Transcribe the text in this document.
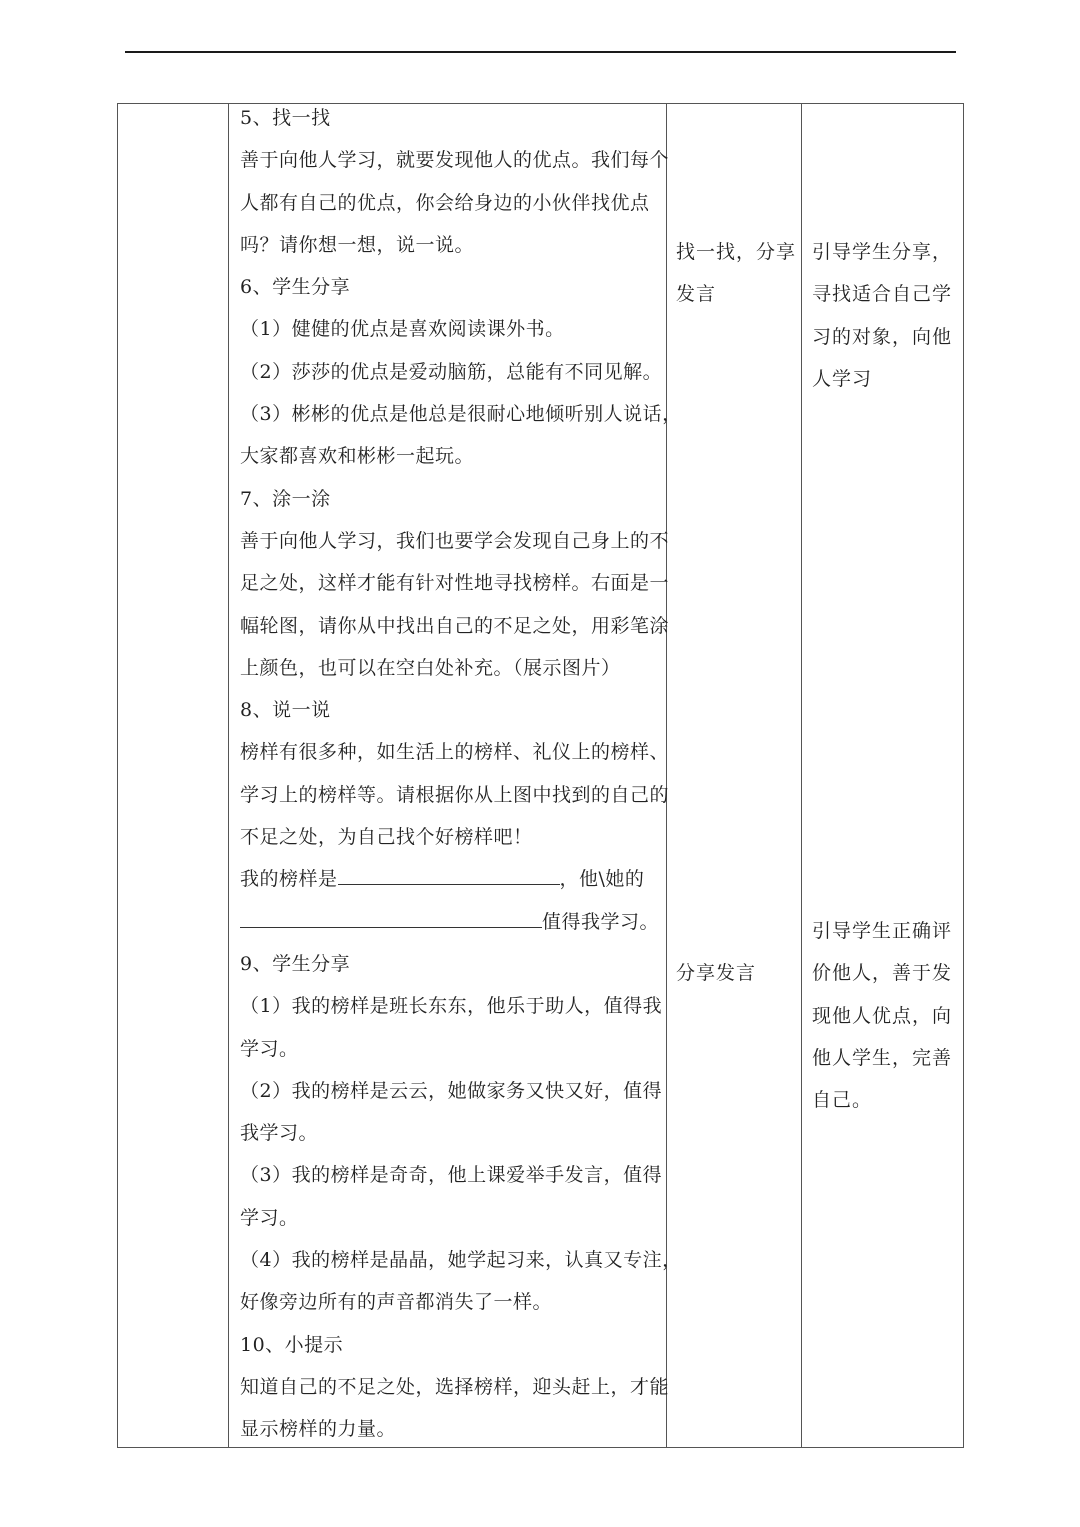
5、找一找

善于向他人学习，就要发现他人的优点。我们每个

人都有自己的优点，你会给身边的小伙伴找优点

吗？请你想一想，说一说。

6、学生分享

（1）健健的优点是喜欢阅读课外书。

（2）莎莎的优点是爱动脑筋，总能有不同见解。

（3）彬彬的优点是他总是很耐心地倾听别人说话，

大家都喜欢和彬彬一起玩。

7、涂一涂

善于向他人学习，我们也要学会发现自己身上的不

足之处，这样才能有针对性地寻找榜样。右面是一

幅轮图，请你从中找出自己的不足之处，用彩笔涂

上颜色，也可以在空白处补充。（展示图片）

8、说一说

榜样有很多种，如生活上的榜样、礼仪上的榜样、

学习上的榜样等。请根据你从上图中找到的自己的

不足之处，为自己找个好榜样吧！

我的榜样是	，他\她的

值得我学习。

9、学生分享

（1）我的榜样是班长东东，他乐于助人，值得我

学习。

（2）我的榜样是云云，她做家务又快又好，值得

我学习。

（3）我的榜样是奇奇，他上课爱举手发言，值得

学习。

（4）我的榜样是晶晶，她学起习来，认真又专注，

好像旁边所有的声音都消失了一样。

10、小提示

知道自己的不足之处，选择榜样，迎头赶上，才能

显示榜样的力量。

找一找，分享

发言

引导学生分享，

寻找适合自己学

习的对象，向他

人学习

分享发言

引导学生正确评

价他人，善于发

现他人优点，向

他人学生，完善

自己。
